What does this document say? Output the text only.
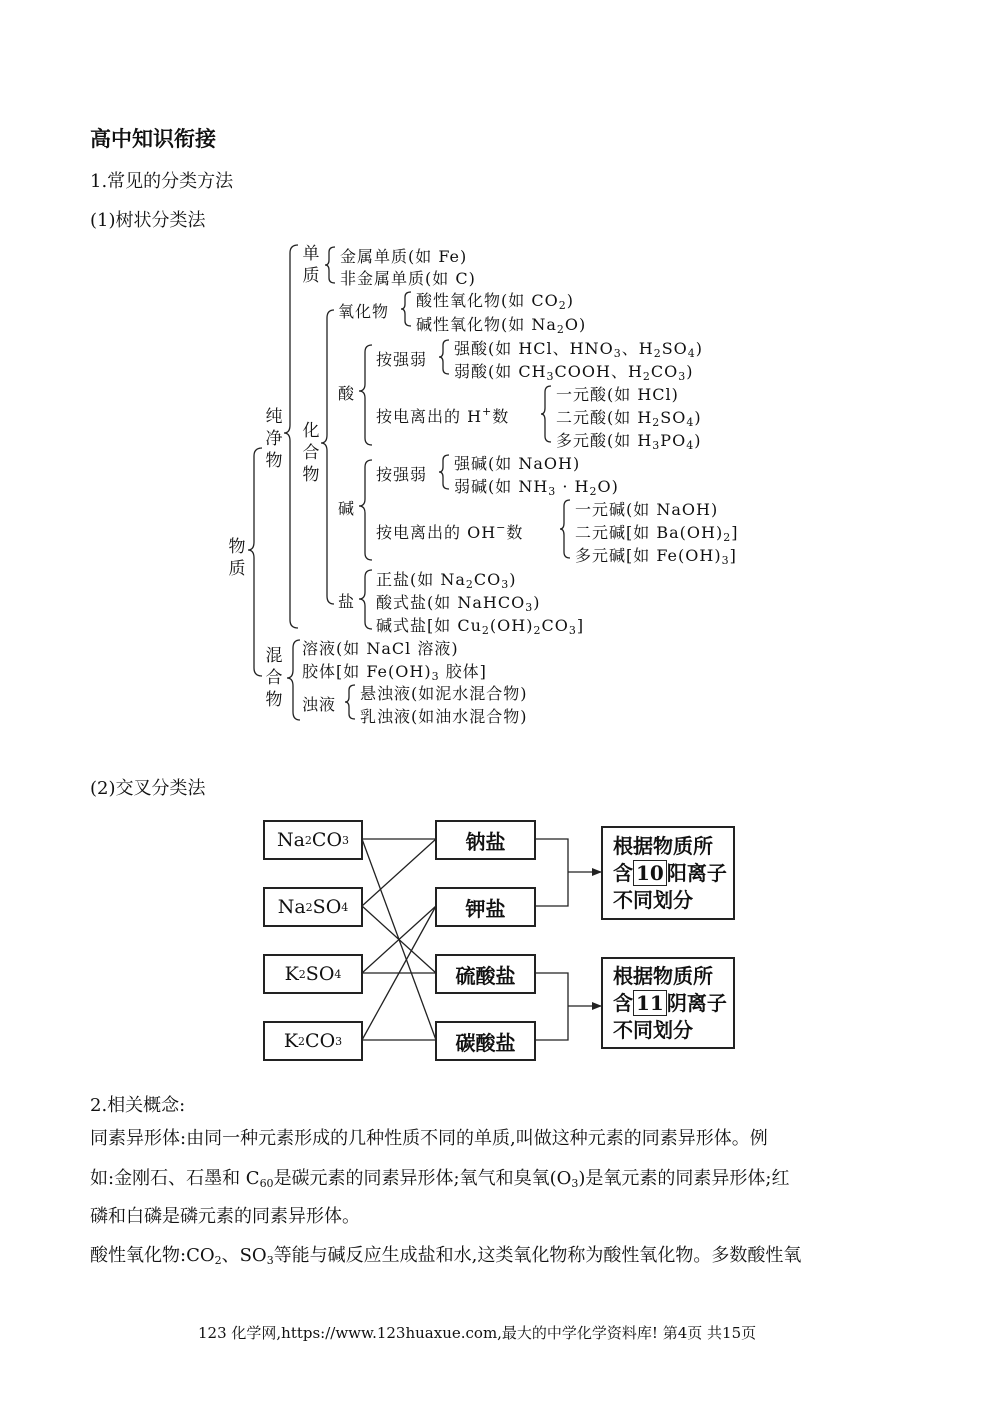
高中知识衔接
1.常见的分类方法
(1)树状分类法
物质
纯净物
混合物
单质
化合物
金属单质(如 Fe)
非金属单质(如 C)
氧化物
酸性氧化物(如 $CO_2$)
碱性氧化物(如 $Na_2O$)
酸
按强弱
强酸(如 HCl、$HNO_3$、$H_2SO_4$)
弱酸(如 $CH_3COOH$、$H_2CO_3$)
按电离出的 H+数
一元酸(如 HCl)
二元酸(如 $H_2SO_4$)
多元酸(如 $H_3PO_4$)
碱
按强弱
强碱(如 NaOH)
弱碱(如 $NH_3 \cdot H_2O$)
按电离出的 OH−数
一元碱(如 NaOH)
二元碱[如 $Ba(OH)_2$]
多元碱[如 $Fe(OH)_3$]
盐
正盐(如 $Na_2CO_3$)
酸式盐(如 NaHCO$_3$)
碱式盐[如 $Cu_2(OH)_2CO_3$]
溶液(如 NaCl 溶液)
胶体[如 $Fe(OH)_3$ 胶体]
浊液
悬浊液(如泥水混合物)
乳浊液(如油水混合物)
(2)交叉分类法
Na 2 CO 3
Na 2 SO 4
K 2 SO 4
K 2 CO 3
钠盐
钾盐
硫酸盐
碳酸盐
根据物质所
含 10 阳离子
不同划分
根据物质所
含 11 阴离子
不同划分
2.相关概念:
同素异形体:由同一种元素形成的几种性质不同的单质,叫做这种元素的同素异形体。例
如:金刚石、石墨和 $C_{60}$是碳元素的同素异形体;氧气和臭氧$(O_3)$是氧元素的同素异形体;红
磷和白磷是磷元素的同素异形体。
酸性氧化物$:CO_2$、$SO_3$等能与碱反应生成盐和水,这类氧化物称为酸性氧化物。多数酸性氧
123 化学网,https://www.123huaxue.com,最大的中学化学资料库! 第4页 共15页
